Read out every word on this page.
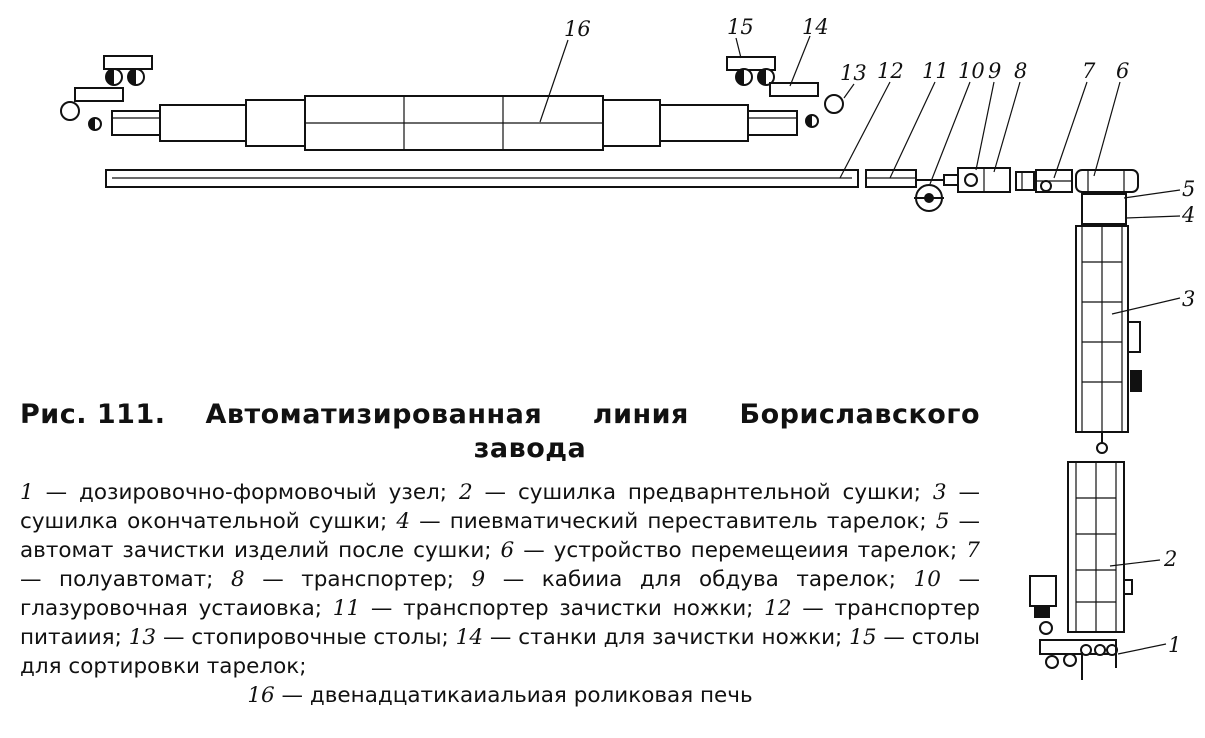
16	15 14
13 12 11 10 9 8	7 6
5
4
3
2
1
Рис. 111. Автоматизированная линия Бориславского
завода
1 — дозировочно-формовочый узел; 2 — сушилка предварнтельной сушки; 3 — сушилка окончательной сушки; 4 — пиевматический переставитель тарелок; 5 — автомат зачистки изделий после сушки; 6 — устройство перемещеиия тарелок; 7 — полуавтомат; 8 — транспортер; 9 — кабииа для обдува тарелок; 10 — глазуровочная устаиовка; 11 — транспортер зачистки ножки; 12 — транспортер питаиия; 13 — стопировочные столы; 14 — станки для зачистки ножки; 15 — столы для сортировки тарелок;
16 — двенадцатикаиальиая роликовая печь
